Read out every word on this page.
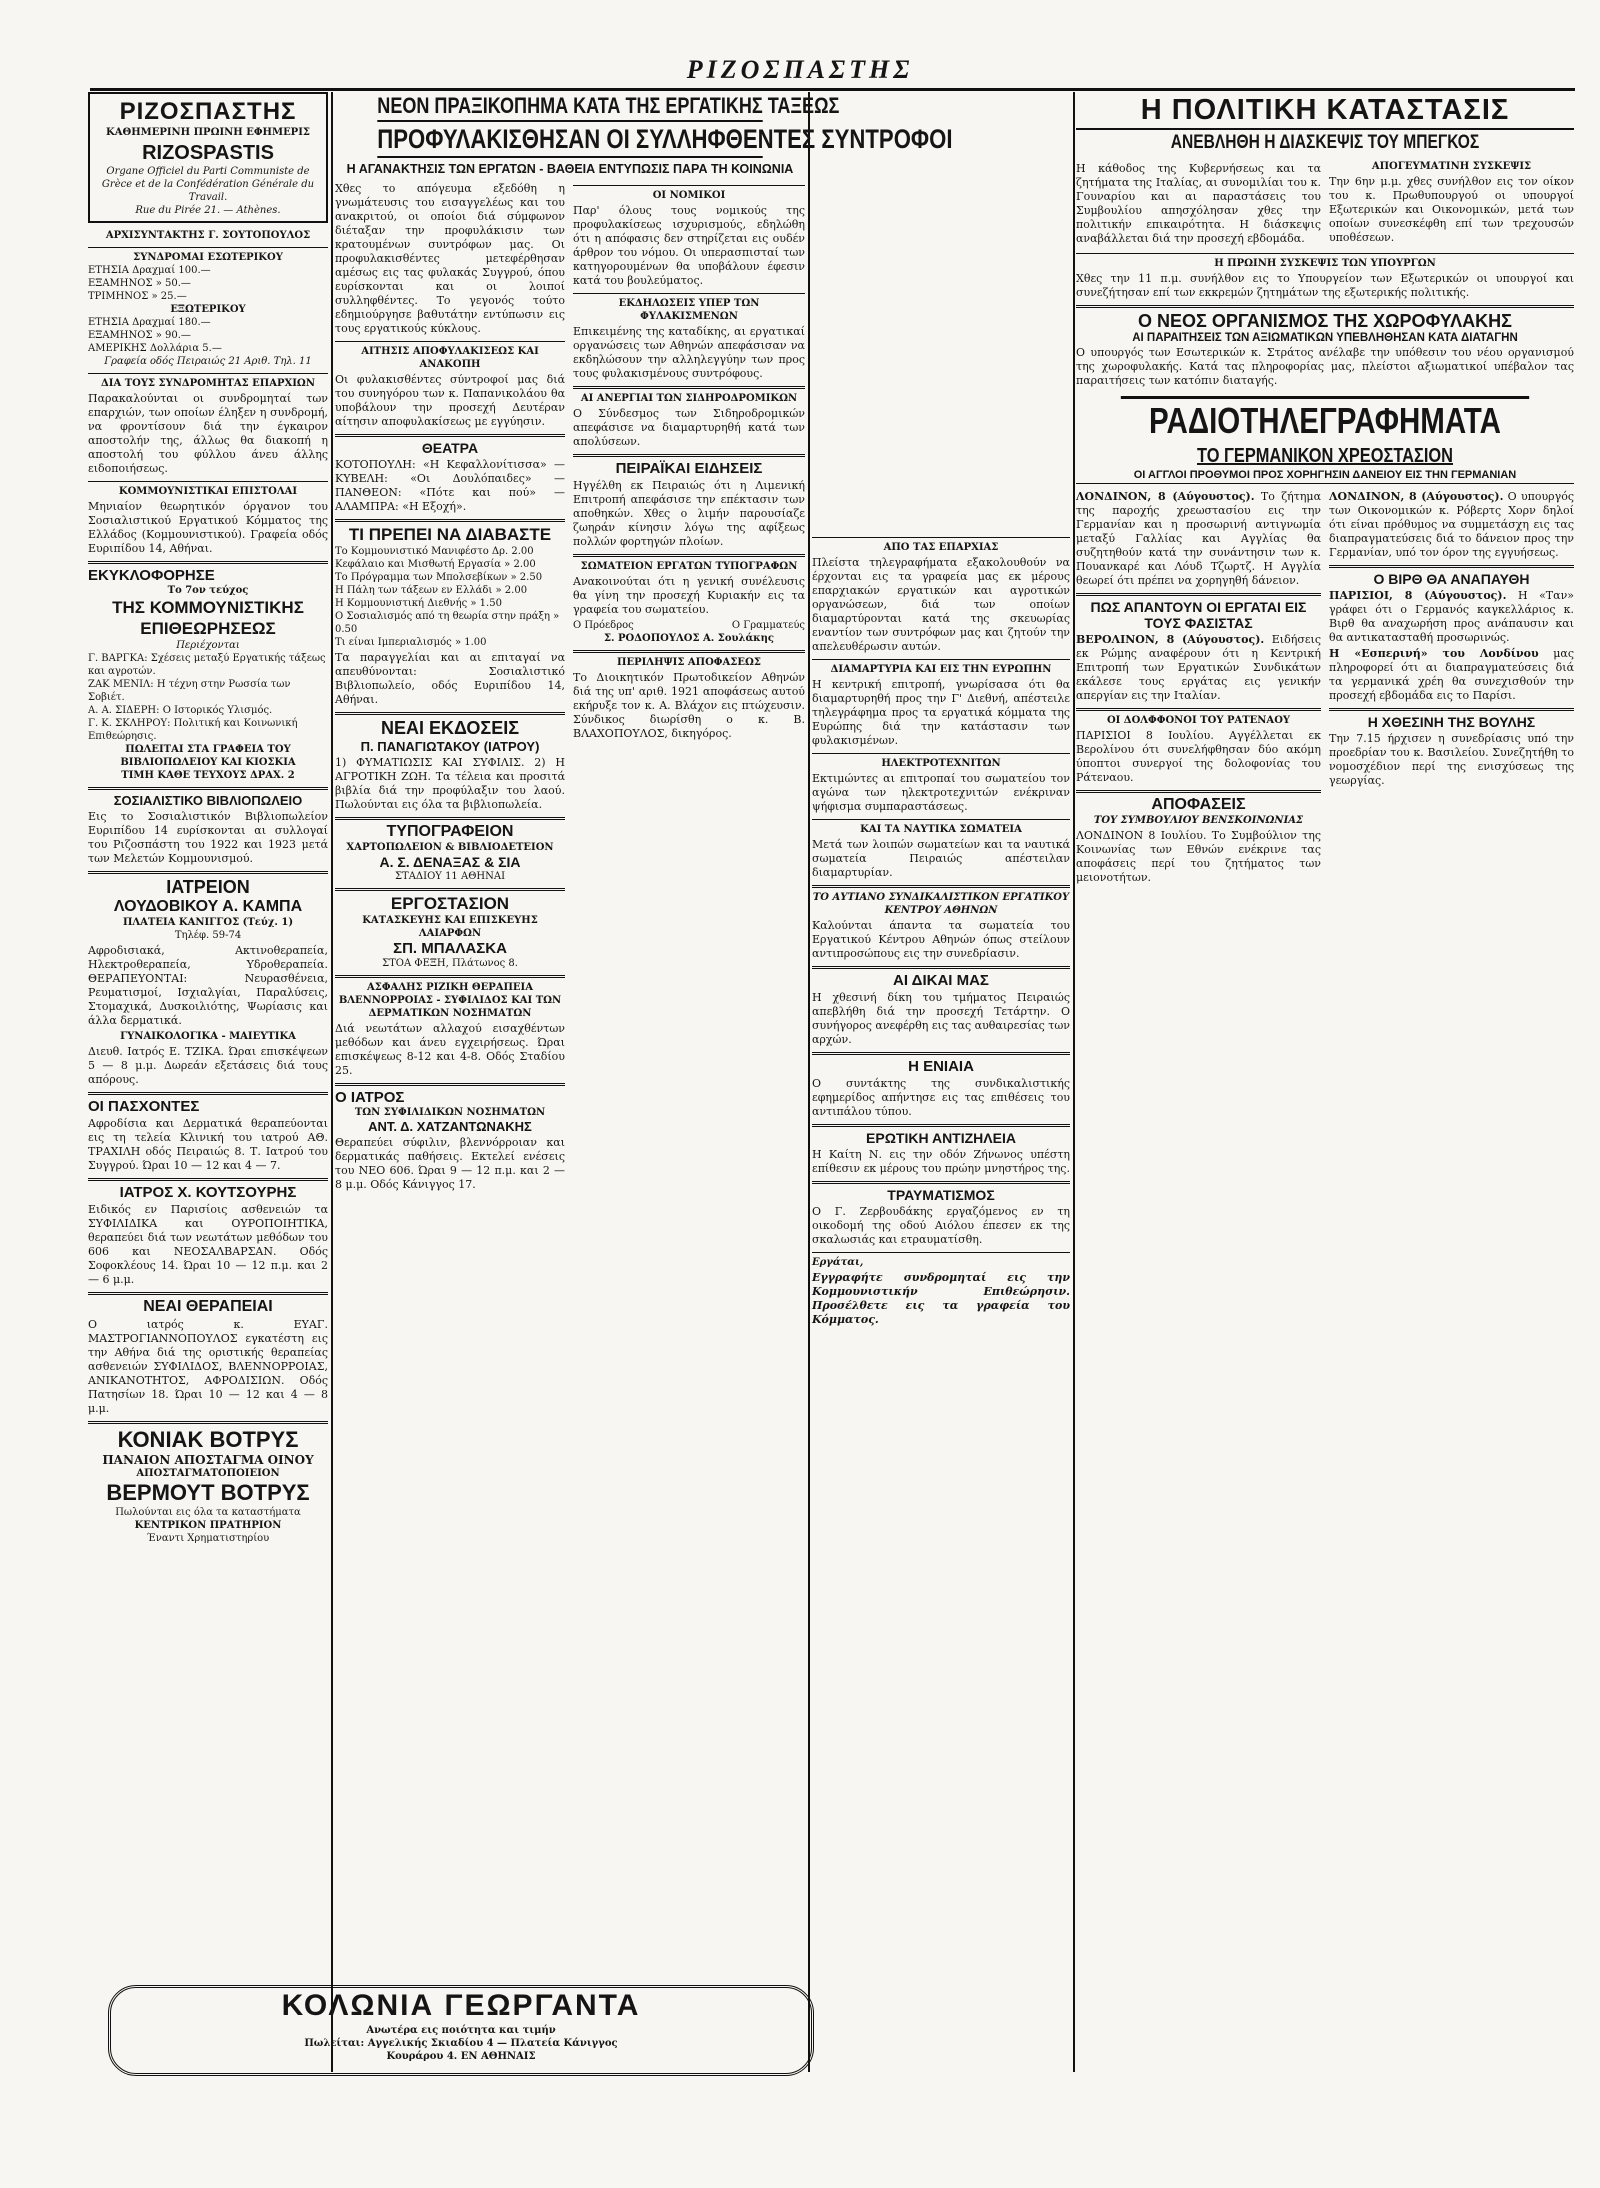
ΡΙΖΟΣΠΑΣΤΗΣ
ΡΙΖΟΣΠΑΣΤΗΣ
ΚΑΘΗΜΕΡΙΝΗ ΠΡΩΙΝΗ ΕΦΗΜΕΡΙΣ
RIZOSPASTIS
Organe Officiel du Parti Communiste de Grèce et de la Confédération Générale du Travail.
Rue du Pirée 21. — Athènes.
ΑΡΧΙΣΥΝΤΑΚΤΗΣ Γ. ΣΟΥΤΟΠΟΥΛΟΣ
ΣΥΝΔΡΟΜΑΙ ΕΣΩΤΕΡΙΚΟΥ
ΕΤΗΣΙΑ Δραχμαί 100.—
ΕΞΑΜΗΝΟΣ » 50.—
ΤΡΙΜΗΝΟΣ » 25.—
ΕΞΩΤΕΡΙΚΟΥ
ΕΤΗΣΙΑ Δραχμαί 180.—
ΕΞΑΜΗΝΟΣ » 90.—
ΑΜΕΡΙΚΗΣ Δολλάρια 5.—
Γραφεία οδός Πειραιώς 21 Αριθ. Τηλ. 11
ΔΙΑ ΤΟΥΣ ΣΥΝΔΡΟΜΗΤΑΣ ΕΠΑΡΧΙΩΝ
Παρακαλούνται οι συνδρομηταί των επαρχιών, των οποίων έληξεν η συνδρομή, να φροντίσουν διά την έγκαιρον αποστολήν της, άλλως θα διακοπή η αποστολή του φύλλου άνευ άλλης ειδοποιήσεως.
ΚΟΜΜΟΥΝΙΣΤΙΚΑΙ ΕΠΙΣΤΟΛΑΙ
Μηνιαίον θεωρητικόν όργανον του Σοσιαλιστικού Εργατικού Κόμματος της Ελλάδος (Κομμουνιστικού). Γραφεία οδός Ευριπίδου 14, Αθήναι.
ΕΚΥΚΛΟΦΟΡΗΣΕ
Το 7ον τεύχος
ΤΗΣ ΚΟΜΜΟΥΝΙΣΤΙΚΗΣ ΕΠΙΘΕΩΡΗΣΕΩΣ
Περιέχονται
Γ. ΒΑΡΓΚΑ: Σχέσεις μεταξύ Εργατικής τάξεως και αγροτών.
ΖΑΚ ΜΕΝΙΛ: Η τέχνη στην Ρωσσία των Σοβιέτ.
Α. Α. ΣΙΔΕΡΗ: Ο Ιστορικός Υλισμός.
Γ. Κ. ΣΚΛΗΡΟΥ: Πολιτική και Κοινωνική Επιθεώρησις.
ΠΩΛΕΙΤΑΙ ΣΤΑ ΓΡΑΦΕΙΑ ΤΟΥ ΒΙΒΛΙΟΠΩΛΕΙΟΥ ΚΑΙ ΚΙΟΣΚΙΑ
ΤΙΜΗ ΚΑΘΕ ΤΕΥΧΟΥΣ ΔΡΑΧ. 2
ΣΟΣΙΑΛΙΣΤΙΚΟ ΒΙΒΛΙΟΠΩΛΕΙΟ
Εις το Σοσιαλιστικόν Βιβλιοπωλείον Ευριπίδου 14 ευρίσκονται αι συλλογαί του Ριζοσπάστη του 1922 και 1923 μετά των Μελετών Κομμουνισμού.
ΙΑΤΡΕΙΟΝ
ΛΟΥΔΟΒΙΚΟΥ Α. ΚΑΜΠΑ
ΠΛΑΤΕΙΑ ΚΑΝΙΓΓΟΣ (Τεύχ. 1)
Τηλέφ. 59-74
Αφροδισιακά, Ακτινοθεραπεία, Ηλεκτροθεραπεία, Υδροθεραπεία. ΘΕΡΑΠΕΥΟΝΤΑΙ: Νευρασθένεια, Ρευματισμοί, Ισχιαλγίαι, Παραλύσεις, Στομαχικά, Δυσκοιλιότης, Ψωρίασις και άλλα δερματικά.
ΓΥΝΑΙΚΟΛΟΓΙΚΑ - ΜΑΙΕΥΤΙΚΑ
Διευθ. Ιατρός Ε. ΤΖΙΚΑ. Ώραι επισκέψεων 5 — 8 μ.μ. Δωρεάν εξετάσεις διά τους απόρους.
ΟΙ ΠΑΣΧΟΝΤΕΣ
Αφροδίσια και Δερματικά θεραπεύονται εις τη τελεία Κλινική του ιατρού ΑΘ. ΤΡΑΧΙΛΗ οδός Πειραιώς 8. Τ. Ιατρού του Συγγρού. Ώραι 10 — 12 και 4 — 7.
ΙΑΤΡΟΣ Χ. ΚΟΥΤΣΟΥΡΗΣ
Ειδικός εν Παρισίοις ασθενειών τα ΣΥΦΙΛΙΔΙΚΑ και ΟΥΡΟΠΟΙΗΤΙΚΑ, θεραπεύει διά των νεωτάτων μεθόδων του 606 και ΝΕΟΣΑΛΒΑΡΣΑΝ. Οδός Σοφοκλέους 14. Ώραι 10 — 12 π.μ. και 2 — 6 μ.μ.
ΝΕΑΙ ΘΕΡΑΠΕΙΑΙ
Ο ιατρός κ. ΕΥΑΓ. ΜΑΣΤΡΟΓΙΑΝΝΟΠΟΥΛΟΣ εγκατέστη εις την Αθήνα διά της οριστικής θεραπείας ασθενειών ΣΥΦΙΛΙΔΟΣ, ΒΛΕΝΝΟΡΡΟΙΑΣ, ΑΝΙΚΑΝΟΤΗΤΟΣ, ΑΦΡΟΔΙΣΙΩΝ. Οδός Πατησίων 18. Ώραι 10 — 12 και 4 — 8 μ.μ.
ΚΟΝΙΑΚ ΒΟΤΡΥΣ
ΠΑΝΑΙΟΝ ΑΠΟΣΤΑΓΜΑ ΟΙΝΟΥ
ΑΠΟΣΤΑΓΜΑΤΟΠΟΙΕΙΟΝ
ΒΕΡΜΟΥΤ ΒΟΤΡΥΣ
Πωλούνται εις όλα τα καταστήματα
ΚΕΝΤΡΙΚΟΝ ΠΡΑΤΗΡΙΟΝ
Έναντι Χρηματιστηρίου
ΝΕΟΝ ΠΡΑΞΙΚΟΠΗΜΑ ΚΑΤΑ ΤΗΣ ΕΡΓΑΤΙΚΗΣ ΤΑΞΕΩΣ
ΠΡΟΦΥΛΑΚΙΣΘΗΣΑΝ ΟΙ ΣΥΛΛΗΦΘΕΝΤΕΣ ΣΥΝΤΡΟΦΟΙ
Η ΑΓΑΝΑΚΤΗΣΙΣ ΤΩΝ ΕΡΓΑΤΩΝ - ΒΑΘΕΙΑ ΕΝΤΥΠΩΣΙΣ ΠΑΡΑ ΤΗ ΚΟΙΝΩΝΙΑ
Χθες το απόγευμα εξεδόθη η γνωμάτευσις του εισαγγελέως και του ανακριτού, οι οποίοι διά σύμφωνον διέταξαν την προφυλάκισιν των κρατουμένων συντρόφων μας. Οι προφυλακισθέντες μετεφέρθησαν αμέσως εις τας φυλακάς Συγγρού, όπου ευρίσκονται και οι λοιποί συλληφθέντες. Το γεγονός τούτο εδημιούργησε βαθυτάτην εντύπωσιν εις τους εργατικούς κύκλους.
ΑΙΤΗΣΙΣ ΑΠΟΦΥΛΑΚΙΣΕΩΣ ΚΑΙ ΑΝΑΚΟΠΗ
Οι φυλακισθέντες σύντροφοί μας διά του συνηγόρου των κ. Παπανικολάου θα υποβάλουν την προσεχή Δευτέραν αίτησιν αποφυλακίσεως με εγγύησιν.
ΘΕΑΤΡΑ
ΚΟΤΟΠΟΥΛΗ: «Η Κεφαλλονίτισσα» — ΚΥΒΕΛΗ: «Οι Δουλόπαιδες» — ΠΑΝΘΕΟΝ: «Πότε και πού» — ΑΛΑΜΠΡΑ: «Η Εξοχή».
ΤΙ ΠΡΕΠΕΙ ΝΑ ΔΙΑΒΑΣΤΕ
Το Κομμουνιστικό Μανιφέστο Δρ. 2.00
Κεφάλαιο και Μισθωτή Εργασία » 2.00
Το Πρόγραμμα των Μπολσεβίκων » 2.50
Η Πάλη των τάξεων εν Ελλάδι » 2.00
Η Κομμουνιστική Διεθνής » 1.50
Ο Σοσιαλισμός από τη θεωρία στην πράξη » 0.50
Τι είναι Ιμπεριαλισμός » 1.00
Τα παραγγελίαι και αι επιταγαί να απευθύνονται: Σοσιαλιστικό Βιβλιοπωλείο, οδός Ευριπίδου 14, Αθήναι.
ΝΕΑΙ ΕΚΔΟΣΕΙΣ
Π. ΠΑΝΑΓΙΩΤΑΚΟΥ (ΙΑΤΡΟΥ)
1) ΦΥΜΑΤΙΩΣΙΣ ΚΑΙ ΣΥΦΙΛΙΣ. 2) Η ΑΓΡΟΤΙΚΗ ΖΩΗ. Τα τέλεια και προσιτά βιβλία διά την προφύλαξιν του λαού. Πωλούνται εις όλα τα βιβλιοπωλεία.
ΤΥΠΟΓΡΑΦΕΙΟΝ
ΧΑΡΤΟΠΩΛΕΙΟΝ & ΒΙΒΛΙΟΔΕΤΕΙΟΝ
Α. Σ. ΔΕΝΑΞΑΣ & ΣΙΑ
ΣΤΑΔΙΟΥ 11 ΑΘΗΝΑΙ
ΕΡΓΟΣΤΑΣΙΟΝ
ΚΑΤΑΣΚΕΥΗΣ ΚΑΙ ΕΠΙΣΚΕΥΗΣ ΛΑΙΑΡΦΩΝ
ΣΠ. ΜΠΑΛΑΣΚΑ
ΣΤΟΑ ΦΕΞΗ, Πλάτωνος 8.
ΑΣΦΑΛΗΣ ΡΙΖΙΚΗ ΘΕΡΑΠΕΙΑ
ΒΛΕΝΝΟΡΡΟΙΑΣ - ΣΥΦΙΛΙΔΟΣ ΚΑΙ ΤΩΝ ΔΕΡΜΑΤΙΚΩΝ ΝΟΣΗΜΑΤΩΝ
Διά νεωτάτων αλλαχού εισαχθέντων μεθόδων και άνευ εγχειρήσεως. Ώραι επισκέψεως 8-12 και 4-8. Οδός Σταδίου 25.
Ο ΙΑΤΡΟΣ
ΤΩΝ ΣΥΦΙΛΙΔΙΚΩΝ ΝΟΣΗΜΑΤΩΝ
ΑΝΤ. Δ. ΧΑΤΖΑΝΤΩΝΑΚΗΣ
Θεραπεύει σύφιλιν, βλεννόρροιαν και δερματικάς παθήσεις. Εκτελεί ενέσεις του ΝΕΟ 606. Ώραι 9 — 12 π.μ. και 2 — 8 μ.μ. Οδός Κάνιγγος 17.
ΟΙ ΝΟΜΙΚΟΙ
Παρ' όλους τους νομικούς της προφυλακίσεως ισχυρισμούς, εδηλώθη ότι η απόφασις δεν στηρίζεται εις ουδέν άρθρον του νόμου. Οι υπερασπισταί των κατηγορουμένων θα υποβάλουν έφεσιν κατά του βουλεύματος.
ΕΚΔΗΛΩΣΕΙΣ ΥΠΕΡ ΤΩΝ ΦΥΛΑΚΙΣΜΕΝΩΝ
Επικειμένης της καταδίκης, αι εργατικαί οργανώσεις των Αθηνών απεφάσισαν να εκδηλώσουν την αλληλεγγύην των προς τους φυλακισμένους συντρόφους.
ΑΙ ΑΝΕΡΓΙΑΙ ΤΩΝ ΣΙΔΗΡΟΔΡΟΜΙΚΩΝ
Ο Σύνδεσμος των Σιδηροδρομικών απεφάσισε να διαμαρτυρηθή κατά των απολύσεων.
ΠΕΙΡΑΪΚΑΙ ΕΙΔΗΣΕΙΣ
Ηγγέλθη εκ Πειραιώς ότι η Λιμενική Επιτροπή απεφάσισε την επέκτασιν των αποθηκών. Χθες ο λιμήν παρουσίαζε ζωηράν κίνησιν λόγω της αφίξεως πολλών φορτηγών πλοίων.
ΣΩΜΑΤΕΙΟΝ ΕΡΓΑΤΩΝ ΤΥΠΟΓΡΑΦΩΝ
Ανακοινούται ότι η γενική συνέλευσις θα γίνη την προσεχή Κυριακήν εις τα γραφεία του σωματείου.
Ο Πρόεδρος	Ο Γραμματεύς
Σ. ΡΟΔΟΠΟΥΛΟΣ Α. Σουλάκης
ΠΕΡΙΛΗΨΙΣ ΑΠΟΦΑΣΕΩΣ
Το Διοικητικόν Πρωτοδικείον Αθηνών διά της υπ' αριθ. 1921 αποφάσεως αυτού εκήρυξε τον κ. Α. Βλάχον εις πτώχευσιν. Σύνδικος διωρίσθη ο κ. Β. ΒΛΑΧΟΠΟΥΛΟΣ, δικηγόρος.
ΑΠΟ ΤΑΣ ΕΠΑΡΧΙΑΣ
Πλείστα τηλεγραφήματα εξακολουθούν να έρχονται εις τα γραφεία μας εκ μέρους επαρχιακών εργατικών και αγροτικών οργανώσεων, διά των οποίων διαμαρτύρονται κατά της σκευωρίας εναντίον των συντρόφων μας και ζητούν την απελευθέρωσιν αυτών.
ΔΙΑΜΑΡΤΥΡΙΑ ΚΑΙ ΕΙΣ ΤΗΝ ΕΥΡΩΠΗΝ
Η κεντρική επιτροπή, γνωρίσασα ότι θα διαμαρτυρηθή προς την Γ' Διεθνή, απέστειλε τηλεγράφημα προς τα εργατικά κόμματα της Ευρώπης διά την κατάστασιν των φυλακισμένων.
ΗΛΕΚΤΡΟΤΕΧΝΙΤΩΝ
Εκτιμώντες αι επιτροπαί του σωματείου τον αγώνα των ηλεκτροτεχνιτών ενέκριναν ψήφισμα συμπαραστάσεως.
ΚΑΙ ΤΑ ΝΑΥΤΙΚΑ ΣΩΜΑΤΕΙΑ
Μετά των λοιπών σωματείων και τα ναυτικά σωματεία Πειραιώς απέστειλαν διαμαρτυρίαν.
ΤΟ ΑΥΤΙΑΝΟ ΣΥΝΔΙΚΑΛΙΣΤΙΚΟΝ ΕΡΓΑΤΙΚΟΥ ΚΕΝΤΡΟΥ ΑΘΗΝΩΝ
Καλούνται άπαντα τα σωματεία του Εργατικού Κέντρου Αθηνών όπως στείλουν αντιπροσώπους εις την συνεδρίασιν.
ΑΙ ΔΙΚΑΙ ΜΑΣ
Η χθεσινή δίκη του τμήματος Πειραιώς απεβλήθη διά την προσεχή Τετάρτην. Ο συνήγορος ανεφέρθη εις τας αυθαιρεσίας των αρχών.
Η ΕΝΙΑΙΑ
Ο συντάκτης της συνδικαλιστικής εφημερίδος απήντησε εις τας επιθέσεις του αντιπάλου τύπου.
ΕΡΩΤΙΚΗ ΑΝΤΙΖΗΛΕΙΑ
Η Καίτη Ν. εις την οδόν Ζήνωνος υπέστη επίθεσιν εκ μέρους του πρώην μνηστήρος της.
ΤΡΑΥΜΑΤΙΣΜΟΣ
Ο Γ. Ζερβουδάκης εργαζόμενος εν τη οικοδομή της οδού Αιόλου έπεσεν εκ της σκαλωσιάς και ετραυματίσθη.
Εργάται,
Εγγραφήτε συνδρομηταί εις την Κομμουνιστικήν Επιθεώρησιν. Προσέλθετε εις τα γραφεία του Κόμματος.
Η ΠΟΛΙΤΙΚΗ ΚΑΤΑΣΤΑΣΙΣ
ΑΝΕΒΛΗΘΗ Η ΔΙΑΣΚΕΨΙΣ ΤΟΥ ΜΠΕΓΚΟΣ
Η κάθοδος της Κυβερνήσεως και τα ζητήματα της Ιταλίας, αι συνομιλίαι του κ. Γουναρίου και αι παραστάσεις του Συμβουλίου απησχόλησαν χθες την πολιτικήν επικαιρότητα. Η διάσκεψις αναβάλλεται διά την προσεχή εβδομάδα.
ΑΠΟΓΕΥΜΑΤΙΝΗ ΣΥΣΚΕΨΙΣ
Την 6ην μ.μ. χθες συνήλθον εις τον οίκον του κ. Πρωθυπουργού οι υπουργοί Εξωτερικών και Οικονομικών, μετά των οποίων συνεσκέφθη επί των τρεχουσών υποθέσεων.
Η ΠΡΩΙΝΗ ΣΥΣΚΕΨΙΣ ΤΩΝ ΥΠΟΥΡΓΩΝ
Χθες την 11 π.μ. συνήλθον εις το Υπουργείον των Εξωτερικών οι υπουργοί και συνεζήτησαν επί των εκκρεμών ζητημάτων της εξωτερικής πολιτικής.
Ο ΝΕΟΣ ΟΡΓΑΝΙΣΜΟΣ ΤΗΣ ΧΩΡΟΦΥΛΑΚΗΣ
ΑΙ ΠΑΡΑΙΤΗΣΕΙΣ ΤΩΝ ΑΞΙΩΜΑΤΙΚΩΝ ΥΠΕΒΛΗΘΗΣΑΝ ΚΑΤΑ ΔΙΑΤΑΓΗΝ
Ο υπουργός των Εσωτερικών κ. Στράτος ανέλαβε την υπόθεσιν του νέου οργανισμού της χωροφυλακής. Κατά τας πληροφορίας μας, πλείστοι αξιωματικοί υπέβαλον τας παραιτήσεις των κατόπιν διαταγής.
ΡΑΔΙΟΤΗΛΕΓΡΑΦΗΜΑΤΑ
ΤΟ ΓΕΡΜΑΝΙΚΟΝ ΧΡΕΟΣΤΑΣΙΟΝ
ΟΙ ΑΓΓΛΟΙ ΠΡΟΘΥΜΟΙ ΠΡΟΣ ΧΟΡΗΓΗΣΙΝ ΔΑΝΕΙΟΥ ΕΙΣ ΤΗΝ ΓΕΡΜΑΝΙΑΝ
ΛΟΝΔΙΝΟΝ, 8 (Αύγουστος). Το ζήτημα της παροχής χρεωστασίου εις την Γερμανίαν και η προσωρινή αντιγνωμία μεταξύ Γαλλίας και Αγγλίας θα συζητηθούν κατά την συνάντησιν των κ. Πουανκαρέ και Λόυδ Τζωρτζ. Η Αγγλία θεωρεί ότι πρέπει να χορηγηθή δάνειον.
ΠΩΣ ΑΠΑΝΤΟΥΝ ΟΙ ΕΡΓΑΤΑΙ ΕΙΣ ΤΟΥΣ ΦΑΣΙΣΤΑΣ
ΒΕΡΟΛΙΝΟΝ, 8 (Αύγουστος). Ειδήσεις εκ Ρώμης αναφέρουν ότι η Κεντρική Επιτροπή των Εργατικών Συνδικάτων εκάλεσε τους εργάτας εις γενικήν απεργίαν εις την Ιταλίαν.
ΟΙ ΔΟΛΦΦΟΝΟΙ ΤΟΥ ΡΑΤΕΝΑΟΥ
ΠΑΡΙΣΙΟΙ 8 Ιουλίου. Αγγέλλεται εκ Βερολίνου ότι συνελήφθησαν δύο ακόμη ύποπτοι συνεργοί της δολοφονίας του Ράτεναου.
ΑΠΟΦΑΣΕΙΣ
ΤΟΥ ΣΥΜΒΟΥΛΙΟΥ ΒΕΝΣΚΟΙΝΩΝΙΑΣ
ΛΟΝΔΙΝΟΝ 8 Ιουλίου. Το Συμβούλιον της Κοινωνίας των Εθνών ενέκρινε τας αποφάσεις περί του ζητήματος των μειονοτήτων.
ΛΟΝΔΙΝΟΝ, 8 (Αύγουστος). Ο υπουργός των Οικονομικών κ. Ρόβερτς Χορν δηλοί ότι είναι πρόθυμος να συμμετάσχη εις τας διαπραγματεύσεις διά το δάνειον προς την Γερμανίαν, υπό τον όρον της εγγυήσεως.
Ο ΒΙΡΘ ΘΑ ΑΝΑΠΑΥΘΗ
ΠΑΡΙΣΙΟΙ, 8 (Αύγουστος). Η «Ταν» γράφει ότι ο Γερμανός καγκελλάριος κ. Βιρθ θα αναχωρήση προς ανάπαυσιν και θα αντικατασταθή προσωρινώς.
Η «Εσπερινή» του Λονδίνου μας πληροφορεί ότι αι διαπραγματεύσεις διά τα γερμανικά χρέη θα συνεχισθούν την προσεχή εβδομάδα εις το Παρίσι.
Η ΧΘΕΣΙΝΗ ΤΗΣ ΒΟΥΛΗΣ
Την 7.15 ήρχισεν η συνεδρίασις υπό την προεδρίαν του κ. Βασιλείου. Συνεζητήθη το νομοσχέδιον περί της ενισχύσεως της γεωργίας.
ΚΟΛΩΝΙΑ ΓΕΩΡΓΑΝΤΑ
Ανωτέρα εις ποιότητα και τιμήν
Πωλείται: Αγγελικής Σκιαδίου 4 — Πλατεία Κάνιγγος
Κουράρου 4. ΕΝ ΑΘΗΝΑΙΣ
